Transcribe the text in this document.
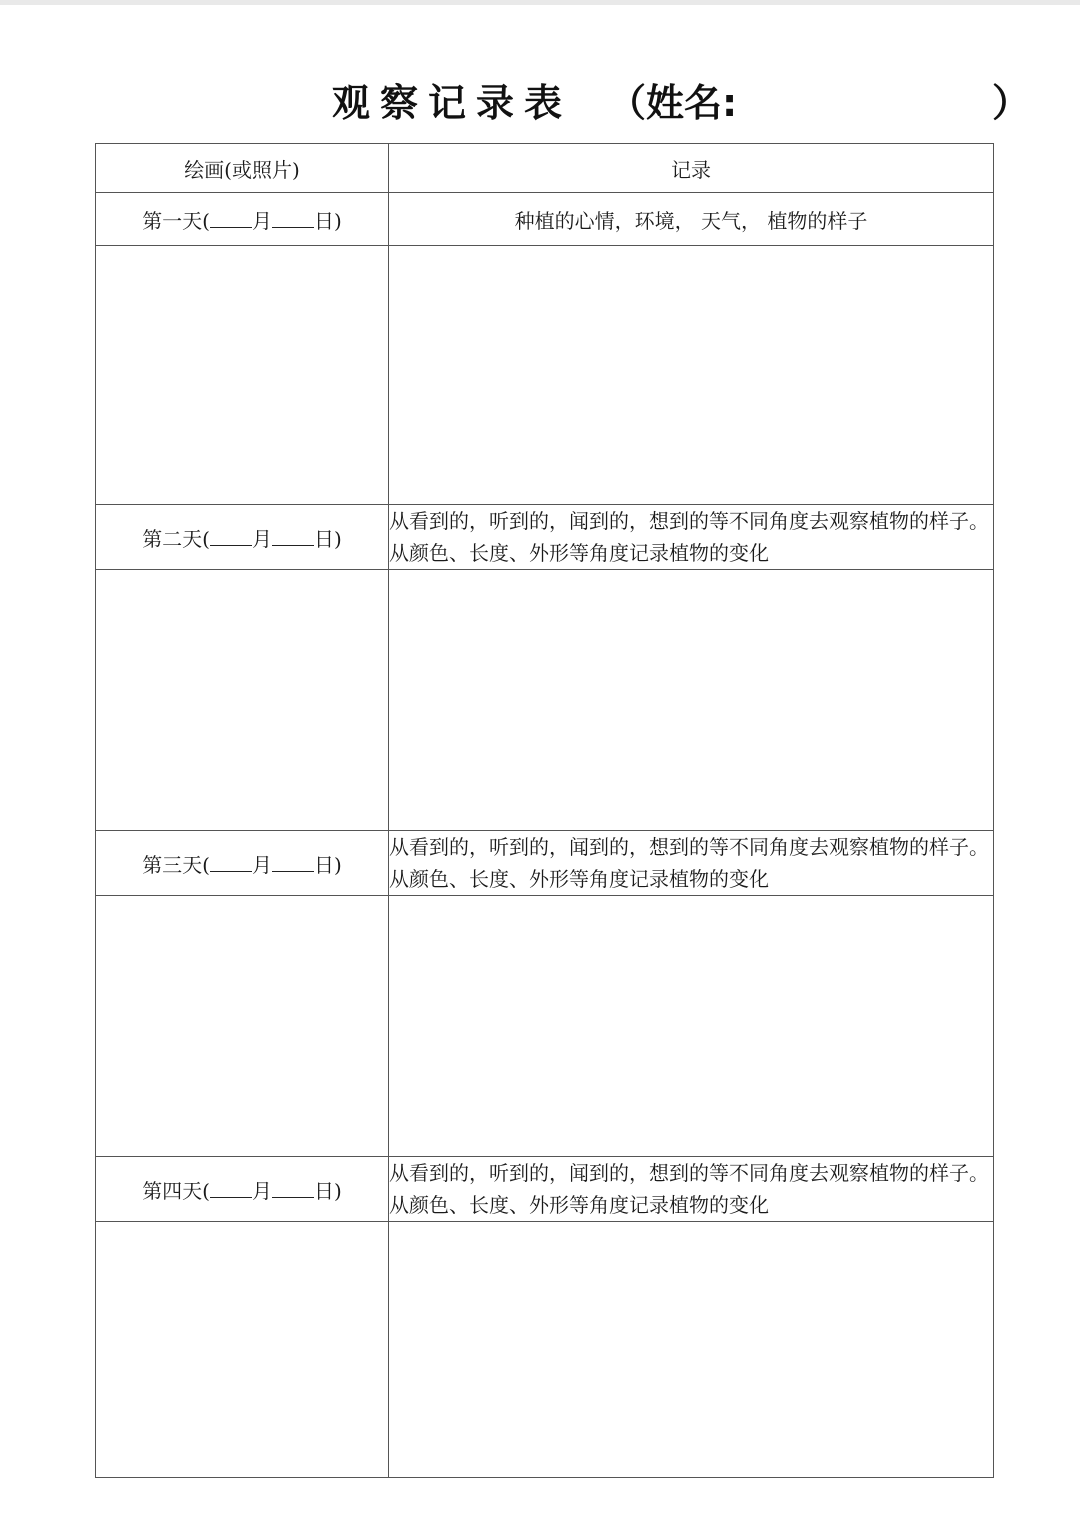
观察记录表 （姓名:	）
绘画(或照片)	记录
第一天( 月 日)	种植的心情，环境， 天气， 植物的样子

第二天( 月 日)	从看到的，听到的，闻到的，想到的等不同角度去观察植物的样子。从颜色、长度、外形等角度记录植物的变化

第三天( 月 日)	从看到的，听到的，闻到的，想到的等不同角度去观察植物的样子。从颜色、长度、外形等角度记录植物的变化

第四天( 月 日)	从看到的，听到的，闻到的，想到的等不同角度去观察植物的样子。从颜色、长度、外形等角度记录植物的变化
